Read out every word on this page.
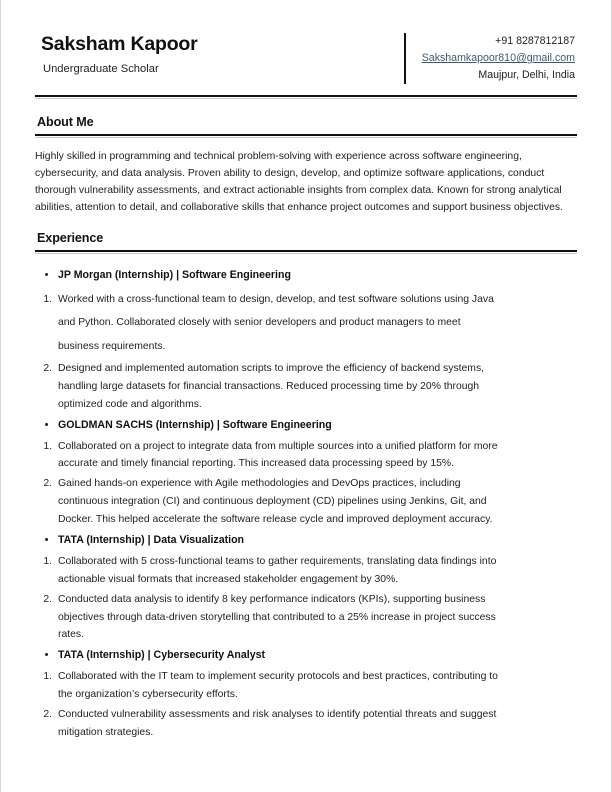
Saksham Kapoor
Undergraduate Scholar
+91 8287812187
Sakshamkapoor810@gmail.com
Maujpur, Delhi, India
About Me

Highly skilled in programming and technical problem-solving with experience across software engineering, cybersecurity, and data analysis. Proven ability to design, develop, and optimize software applications, conduct thorough vulnerability assessments, and extract actionable insights from complex data. Known for strong analytical abilities, attention to detail, and collaborative skills that enhance project outcomes and support business objectives.

Experience
• JP Morgan (Internship) | Software Engineering
1. Worked with a cross-functional team to design, develop, and test software solutions using Java and Python. Collaborated closely with senior developers and product managers to meet business requirements.
2. Designed and implemented automation scripts to improve the efficiency of backend systems, handling large datasets for financial transactions. Reduced processing time by 20% through optimized code and algorithms.
• GOLDMAN SACHS (Internship) | Software Engineering
1. Collaborated on a project to integrate data from multiple sources into a unified platform for more accurate and timely financial reporting. This increased data processing speed by 15%.
2. Gained hands-on experience with Agile methodologies and DevOps practices, including continuous integration (CI) and continuous deployment (CD) pipelines using Jenkins, Git, and Docker. This helped accelerate the software release cycle and improved deployment accuracy.
• TATA (Internship) | Data Visualization
1. Collaborated with 5 cross-functional teams to gather requirements, translating data findings into actionable visual formats that increased stakeholder engagement by 30%.
2. Conducted data analysis to identify 8 key performance indicators (KPIs), supporting business objectives through data-driven storytelling that contributed to a 25% increase in project success rates.
• TATA (Internship) | Cybersecurity Analyst
1. Collaborated with the IT team to implement security protocols and best practices, contributing to the organization’s cybersecurity efforts.
2. Conducted vulnerability assessments and risk analyses to identify potential threats and suggest mitigation strategies.
